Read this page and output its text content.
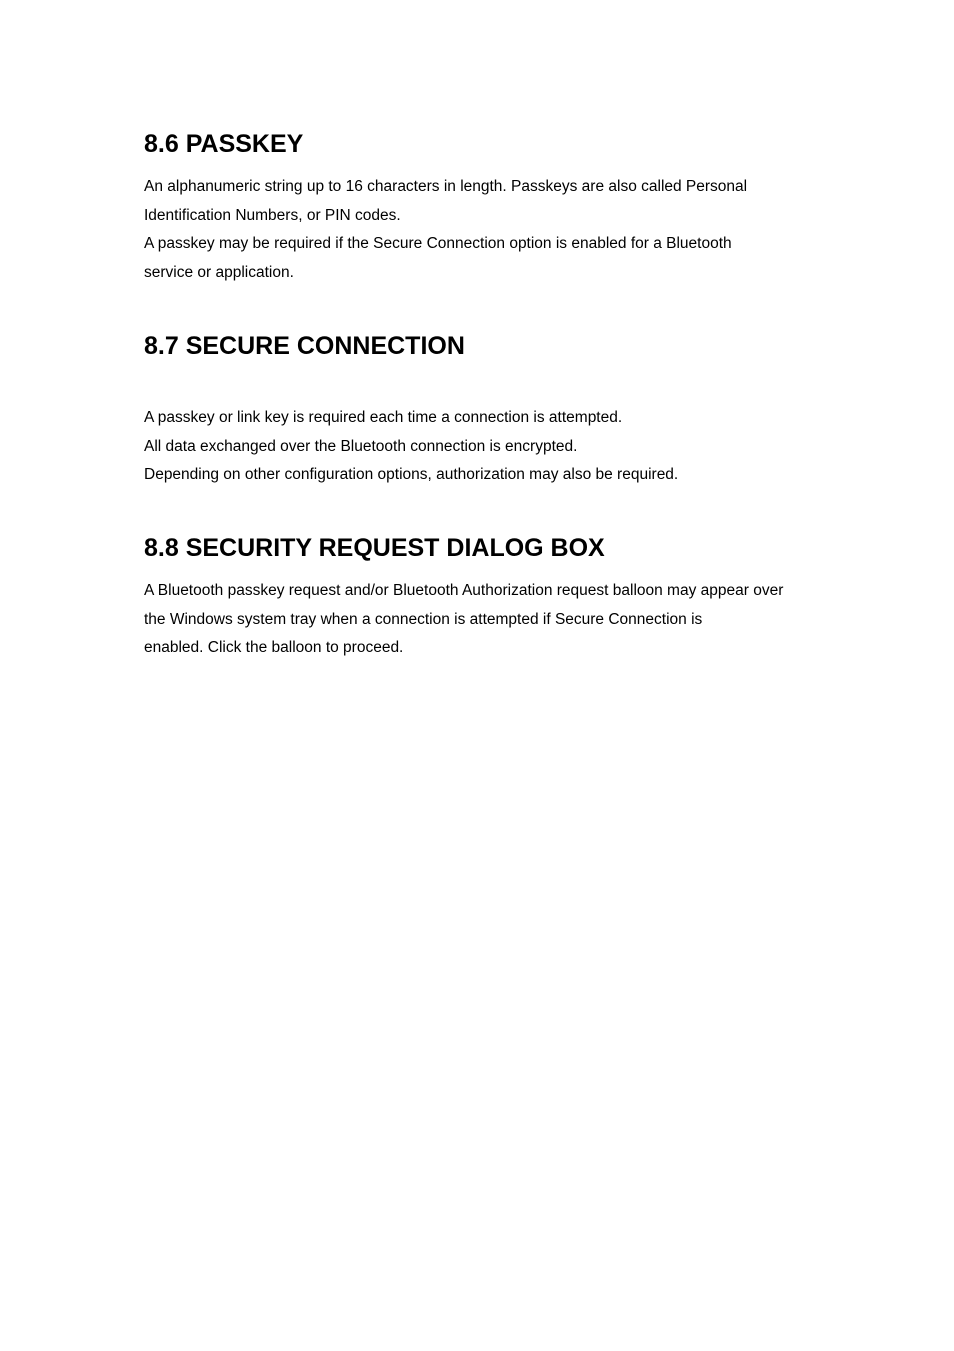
8.6 PASSKEY
An alphanumeric string up to 16 characters in length. Passkeys are also called Personal
Identification Numbers, or PIN codes.
A passkey may be required if the Secure Connection option is enabled for a Bluetooth
service or application.
8.7 SECURE CONNECTION
A passkey or link key is required each time a connection is attempted.
All data exchanged over the Bluetooth connection is encrypted.
Depending on other configuration options, authorization may also be required.
8.8 SECURITY REQUEST DIALOG BOX
A Bluetooth passkey request and/or Bluetooth Authorization request balloon may appear over
the Windows system tray when a connection is attempted if Secure Connection is
enabled. Click the balloon to proceed.
